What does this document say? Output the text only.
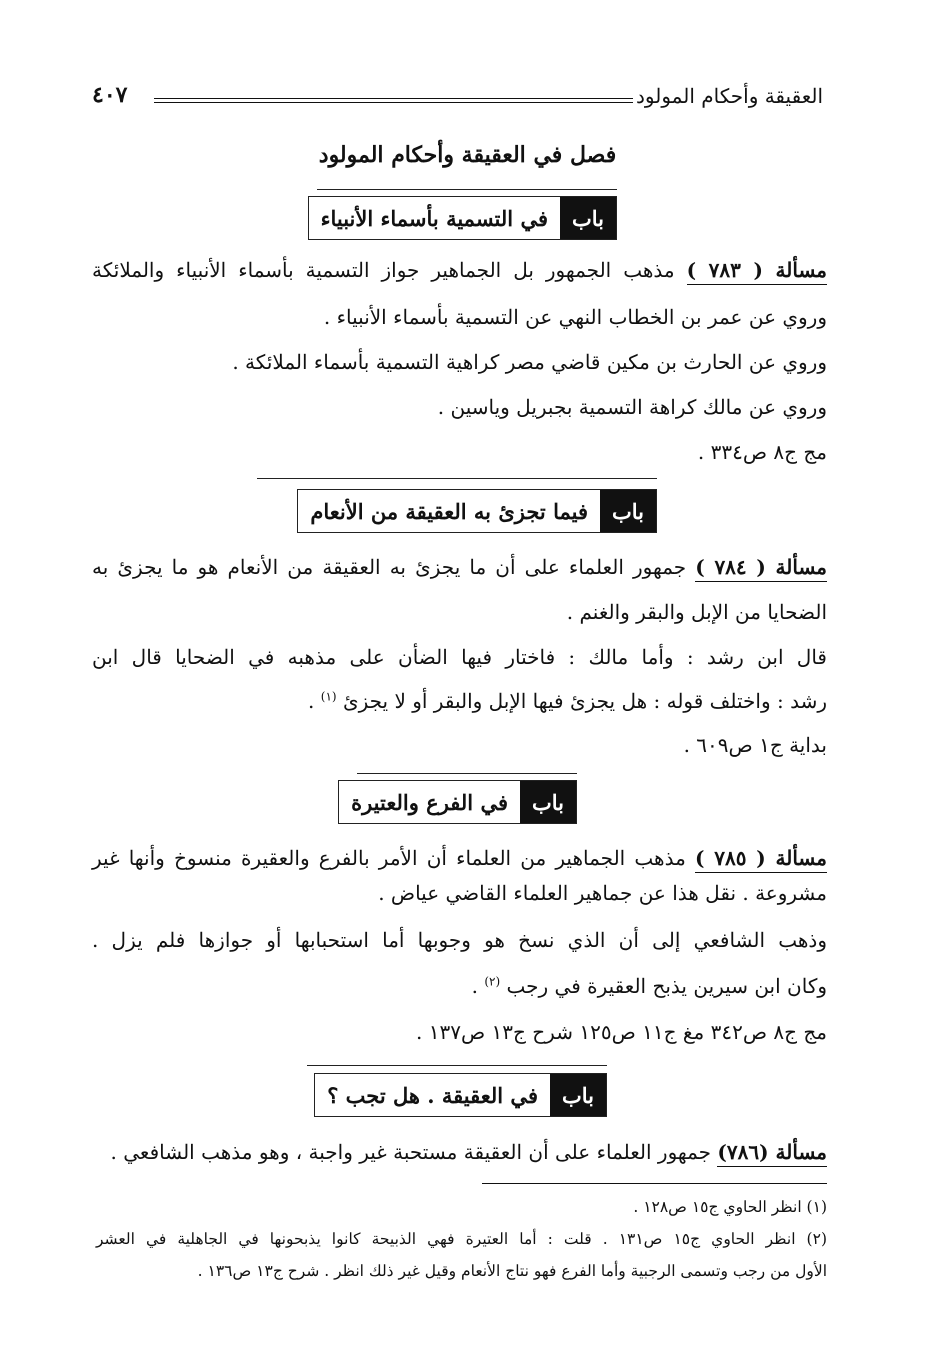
العقيقة وأحكام المولود
٤٠٧
فصل في العقيقة وأحكام المولود
باب
في التسمية بأسماء الأنبياء
مسألة ( ٧٨٣ ) مذهب الجمهور بل الجماهير جواز التسمية بأسماء الأنبياء والملائكة
وروي عن عمر بن الخطاب النهي عن التسمية بأسماء الأنبياء .
وروي عن الحارث بن مكين قاضي مصر كراهية التسمية بأسماء الملائكة .
وروي عن مالك كراهة التسمية بجبريل وياسين .
مج ج٨ ص٣٣٤ .
باب
فيما تجزئ به العقيقة من الأنعام
مسألة ( ٧٨٤ ) جمهور العلماء على أن ما يجزئ به العقيقة من الأنعام هو ما يجزئ به
الضحايا من الإبل والبقر والغنم .
قال ابن رشد : وأما مالك : فاختار فيها الضأن على مذهبه في الضحايا قال ابن
رشد : واختلف قوله : هل يجزئ فيها الإبل والبقر أو لا يجزئ $^{(١)}$ .
بداية ج١ ص٦٠٩ .
باب
في الفرع والعتيرة
مسألة ( ٧٨٥ ) مذهب الجماهير من العلماء أن الأمر بالفرع والعقيرة منسوخ وأنها غير
مشروعة . نقل هذا عن جماهير العلماء القاضي عياض .
وذهب الشافعي إلى أن الذي نسخ هو وجوبها أما استحبابها أو جوازها فلم يزل .
وكان ابن سيرين يذبح العقيرة في رجب $^{(٢)}$ .
مج ج٨ ص٣٤٢ مغ ج١١ ص١٢٥ شرح ج١٣ ص١٣٧ .
باب
في العقيقة . هل تجب ؟
مسألة (٧٨٦) جمهور العلماء على أن العقيقة مستحبة غير واجبة ، وهو مذهب الشافعي .
(١) انظر الحاوي ج١٥ ص١٢٨ .
(٢) انظر الحاوي ج١٥ ص١٣١ . قلت : أما العتيرة فهي الذبيحة كانوا يذبحونها في الجاهلية في العشر
الأول من رجب وتسمى الرجبية وأما الفرع فهو نتاج الأنعام وقيل غير ذلك انظر . شرح ج١٣ ص١٣٦ .
